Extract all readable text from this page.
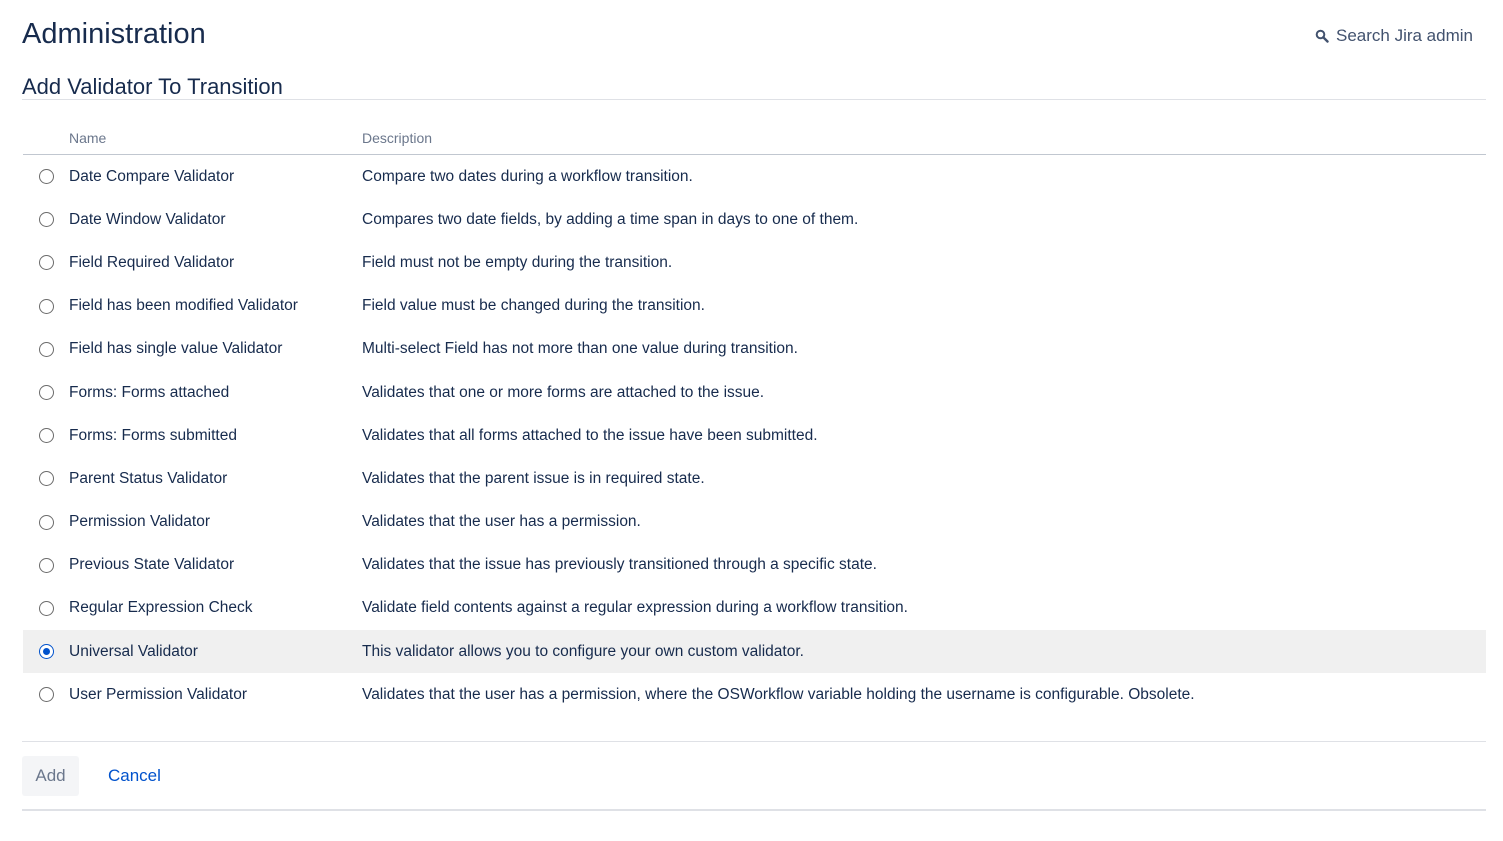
Administration	Search Jira admin
Add Validator To Transition
	Name	Description

	Date Compare Validator	Compare two dates during a workflow transition.

	Date Window Validator	Compares two date fields, by adding a time span in days to one of them.

	Field Required Validator	Field must not be empty during the transition.

	Field has been modified Validator	Field value must be changed during the transition.

	Field has single value Validator	Multi-select Field has not more than one value during transition.

	Forms: Forms attached	Validates that one or more forms are attached to the issue.

	Forms: Forms submitted	Validates that all forms attached to the issue have been submitted.

	Parent Status Validator	Validates that the parent issue is in required state.

	Permission Validator	Validates that the user has a permission.

	Previous State Validator	Validates that the issue has previously transitioned through a specific state.

	Regular Expression Check	Validate field contents against a regular expression during a workflow transition.

	Universal Validator	This validator allows you to configure your own custom validator.

	User Permission Validator	Validates that the user has a permission, where the OSWorkflow variable holding the username is configurable. Obsolete.
Add	Cancel
